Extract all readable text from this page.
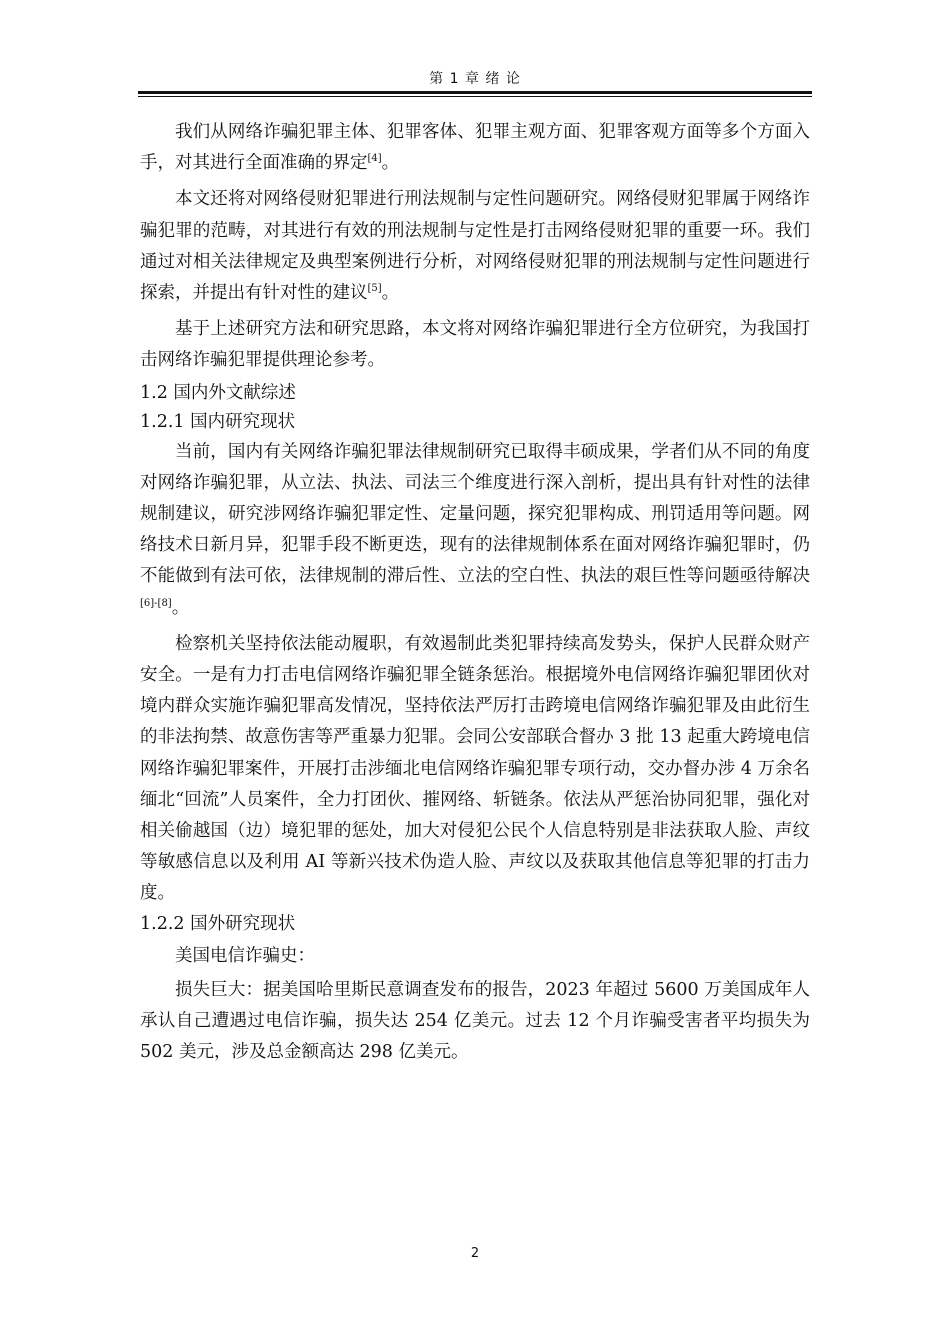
第 1 章 绪 论

我们从网络诈骗犯罪主体、犯罪客体、犯罪主观方面、犯罪客观方面等多个方面入手，对其进行全面准确的界定[4]。

本文还将对网络侵财犯罪进行刑法规制与定性问题研究。网络侵财犯罪属于网络诈骗犯罪的范畴，对其进行有效的刑法规制与定性是打击网络侵财犯罪的重要一环。我们通过对相关法律规定及典型案例进行分析，对网络侵财犯罪的刑法规制与定性问题进行探索，并提出有针对性的建议[5]。

基于上述研究方法和研究思路，本文将对网络诈骗犯罪进行全方位研究，为我国打击网络诈骗犯罪提供理论参考。

1.2 国内外文献综述

1.2.1 国内研究现状

当前，国内有关网络诈骗犯罪法律规制研究已取得丰硕成果，学者们从不同的角度对网络诈骗犯罪，从立法、执法、司法三个维度进行深入剖析，提出具有针对性的法律规制建议，研究涉网络诈骗犯罪定性、定量问题，探究犯罪构成、刑罚适用等问题。网络技术日新月异，犯罪手段不断更迭，现有的法律规制体系在面对网络诈骗犯罪时，仍不能做到有法可依，法律规制的滞后性、立法的空白性、执法的艰巨性等问题亟待解决[6]-[8]。

检察机关坚持依法能动履职，有效遏制此类犯罪持续高发势头，保护人民群众财产安全。一是有力打击电信网络诈骗犯罪全链条惩治。根据境外电信网络诈骗犯罪团伙对境内群众实施诈骗犯罪高发情况，坚持依法严厉打击跨境电信网络诈骗犯罪及由此衍生的非法拘禁、故意伤害等严重暴力犯罪。会同公安部联合督办 3 批 13 起重大跨境电信网络诈骗犯罪案件，开展打击涉缅北电信网络诈骗犯罪专项行动，交办督办涉 4 万余名缅北“回流”人员案件，全力打团伙、摧网络、斩链条。依法从严惩治协同犯罪，强化对相关偷越国（边）境犯罪的惩处，加大对侵犯公民个人信息特别是非法获取人脸、声纹等敏感信息以及利用 AI 等新兴技术伪造人脸、声纹以及获取其他信息等犯罪的打击力度。

1.2.2 国外研究现状

美国电信诈骗史：

损失巨大：据美国哈里斯民意调查发布的报告，2023 年超过 5600 万美国成年人承认自己遭遇过电信诈骗，损失达 254 亿美元。过去 12 个月诈骗受害者平均损失为 502 美元，涉及总金额高达 298 亿美元。

2
